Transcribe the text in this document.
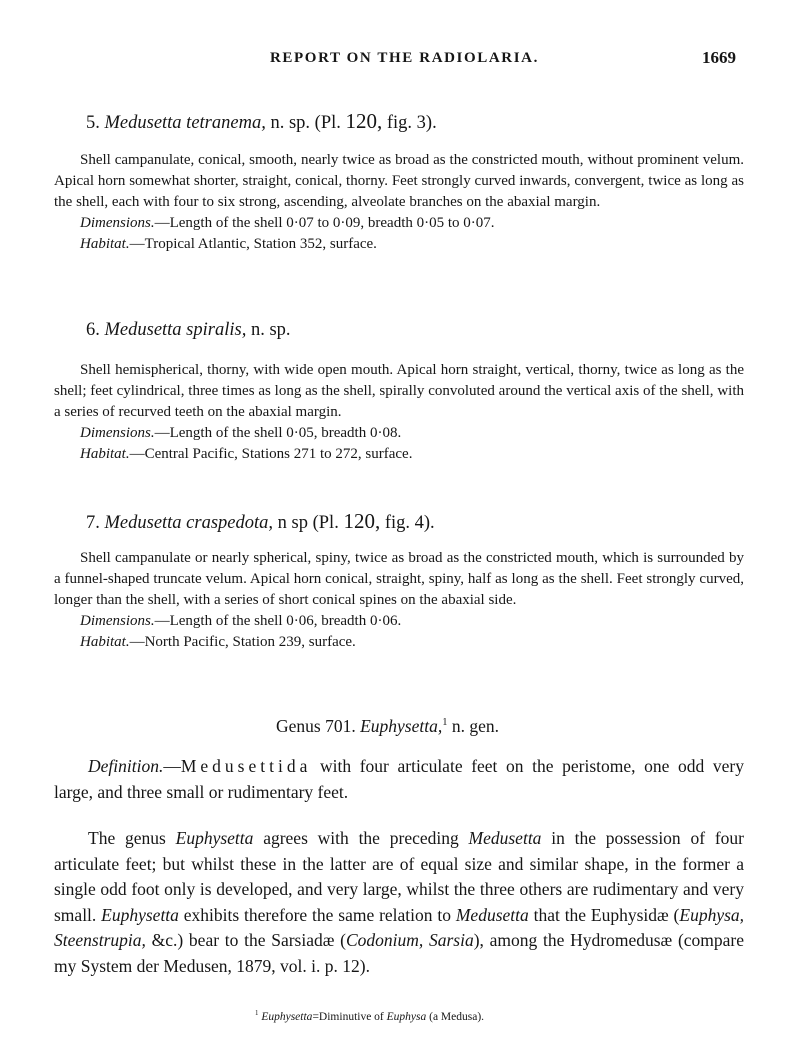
REPORT ON THE RADIOLARIA.	1669
5. Medusetta tetranema, n. sp. (Pl. 120, fig. 3).

Shell campanulate, conical, smooth, nearly twice as broad as the constricted mouth, without prominent velum. Apical horn somewhat shorter, straight, conical, thorny. Feet strongly curved inwards, convergent, twice as long as the shell, each with four to six strong, ascending, alveolate branches on the abaxial margin.

Dimensions.—Length of the shell 0·07 to 0·09, breadth 0·05 to 0·07.

Habitat.—Tropical Atlantic, Station 352, surface.

6. Medusetta spiralis, n. sp.

Shell hemispherical, thorny, with wide open mouth. Apical horn straight, vertical, thorny, twice as long as the shell; feet cylindrical, three times as long as the shell, spirally convoluted around the vertical axis of the shell, with a series of recurved teeth on the abaxial margin.

Dimensions.—Length of the shell 0·05, breadth 0·08.

Habitat.—Central Pacific, Stations 271 to 272, surface.

7. Medusetta craspedota, n sp (Pl. 120, fig. 4).

Shell campanulate or nearly spherical, spiny, twice as broad as the constricted mouth, which is surrounded by a funnel-shaped truncate velum. Apical horn conical, straight, spiny, half as long as the shell. Feet strongly curved, longer than the shell, with a series of short conical spines on the abaxial side.

Dimensions.—Length of the shell 0·06, breadth 0·06.

Habitat.—North Pacific, Station 239, surface.

Genus 701. Euphysetta,$^1$ n. gen.

Definition.—Medusettida with four articulate feet on the peristome, one odd very large, and three small or rudimentary feet.

The genus Euphysetta agrees with the preceding Medusetta in the possession of four articulate feet; but whilst these in the latter are of equal size and similar shape, in the former a single odd foot only is developed, and very large, whilst the three others are rudimentary and very small. Euphysetta exhibits therefore the same relation to Medusetta that the Euphysidæ (Euphysa, Steenstrupia, &c.) bear to the Sarsiadæ (Codonium, Sarsia), among the Hydromedusæ (compare my System der Medusen, 1879, vol. i. p. 12).

$^1$ Euphysetta=Diminutive of Euphysa (a Medusa).
